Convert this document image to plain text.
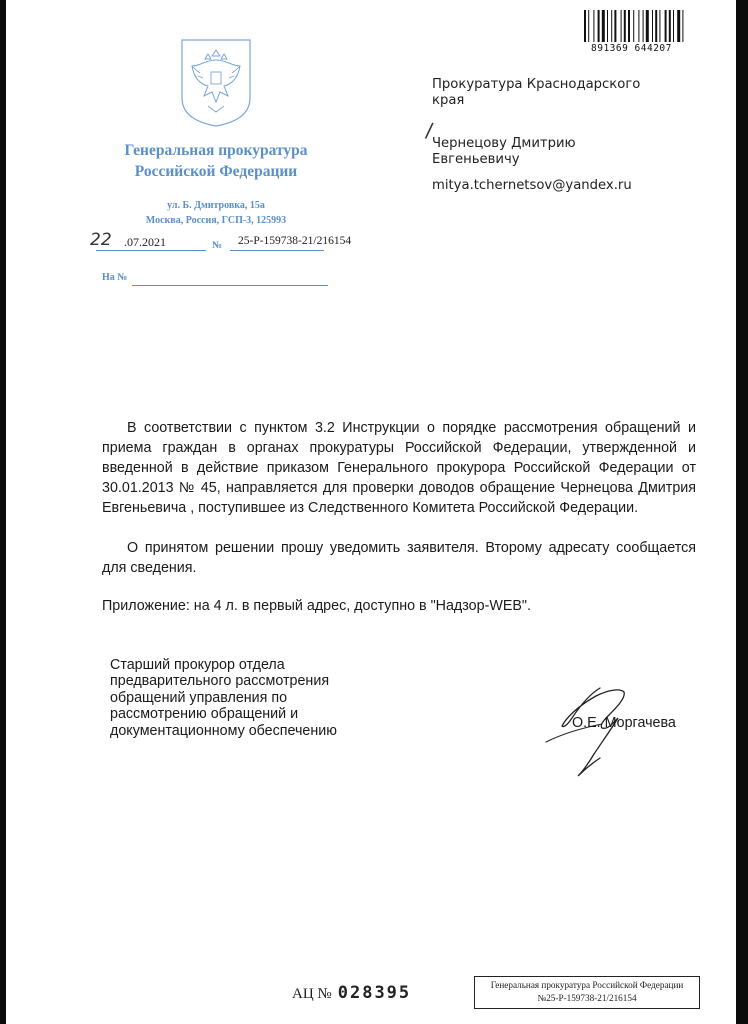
Генеральная прокуратура
Российской Федерации
ул. Б. Дмитровка, 15а
Москва, Россия, ГСП-3, 125993
22 .07.2021	№ 25-Р-159738-21/216154
На №
891369 644207
Прокуратура Краснодарского
края
/
Чернецову Дмитрию
Евгеньевичу
mitya.tchernetsov@yandex.ru
В соответствии с пунктом 3.2 Инструкции о порядке рассмотрения обращений и приема граждан в органах прокуратуры Российской Федерации, утвержденной и введенной в действие приказом Генерального прокурора Российской Федерации от 30.01.2013 № 45, направляется для проверки доводов обращение Чернецова Дмитрия Евгеньевича , поступившее из Следственного Комитета Российской Федерации.
О принятом решении прошу уведомить заявителя. Второму адресату сообщается для сведения.
Приложение: на 4 л. в первый адрес, доступно в "Надзор-WEB".
Старший прокурор отдела
предварительного рассмотрения
обращений управления по
рассмотрению обращений и
документационному обеспечению	О.Е. Моргачева
АЦ № 028395	Генеральная прокуратура Российской Федерации
№25-Р-159738-21/216154
